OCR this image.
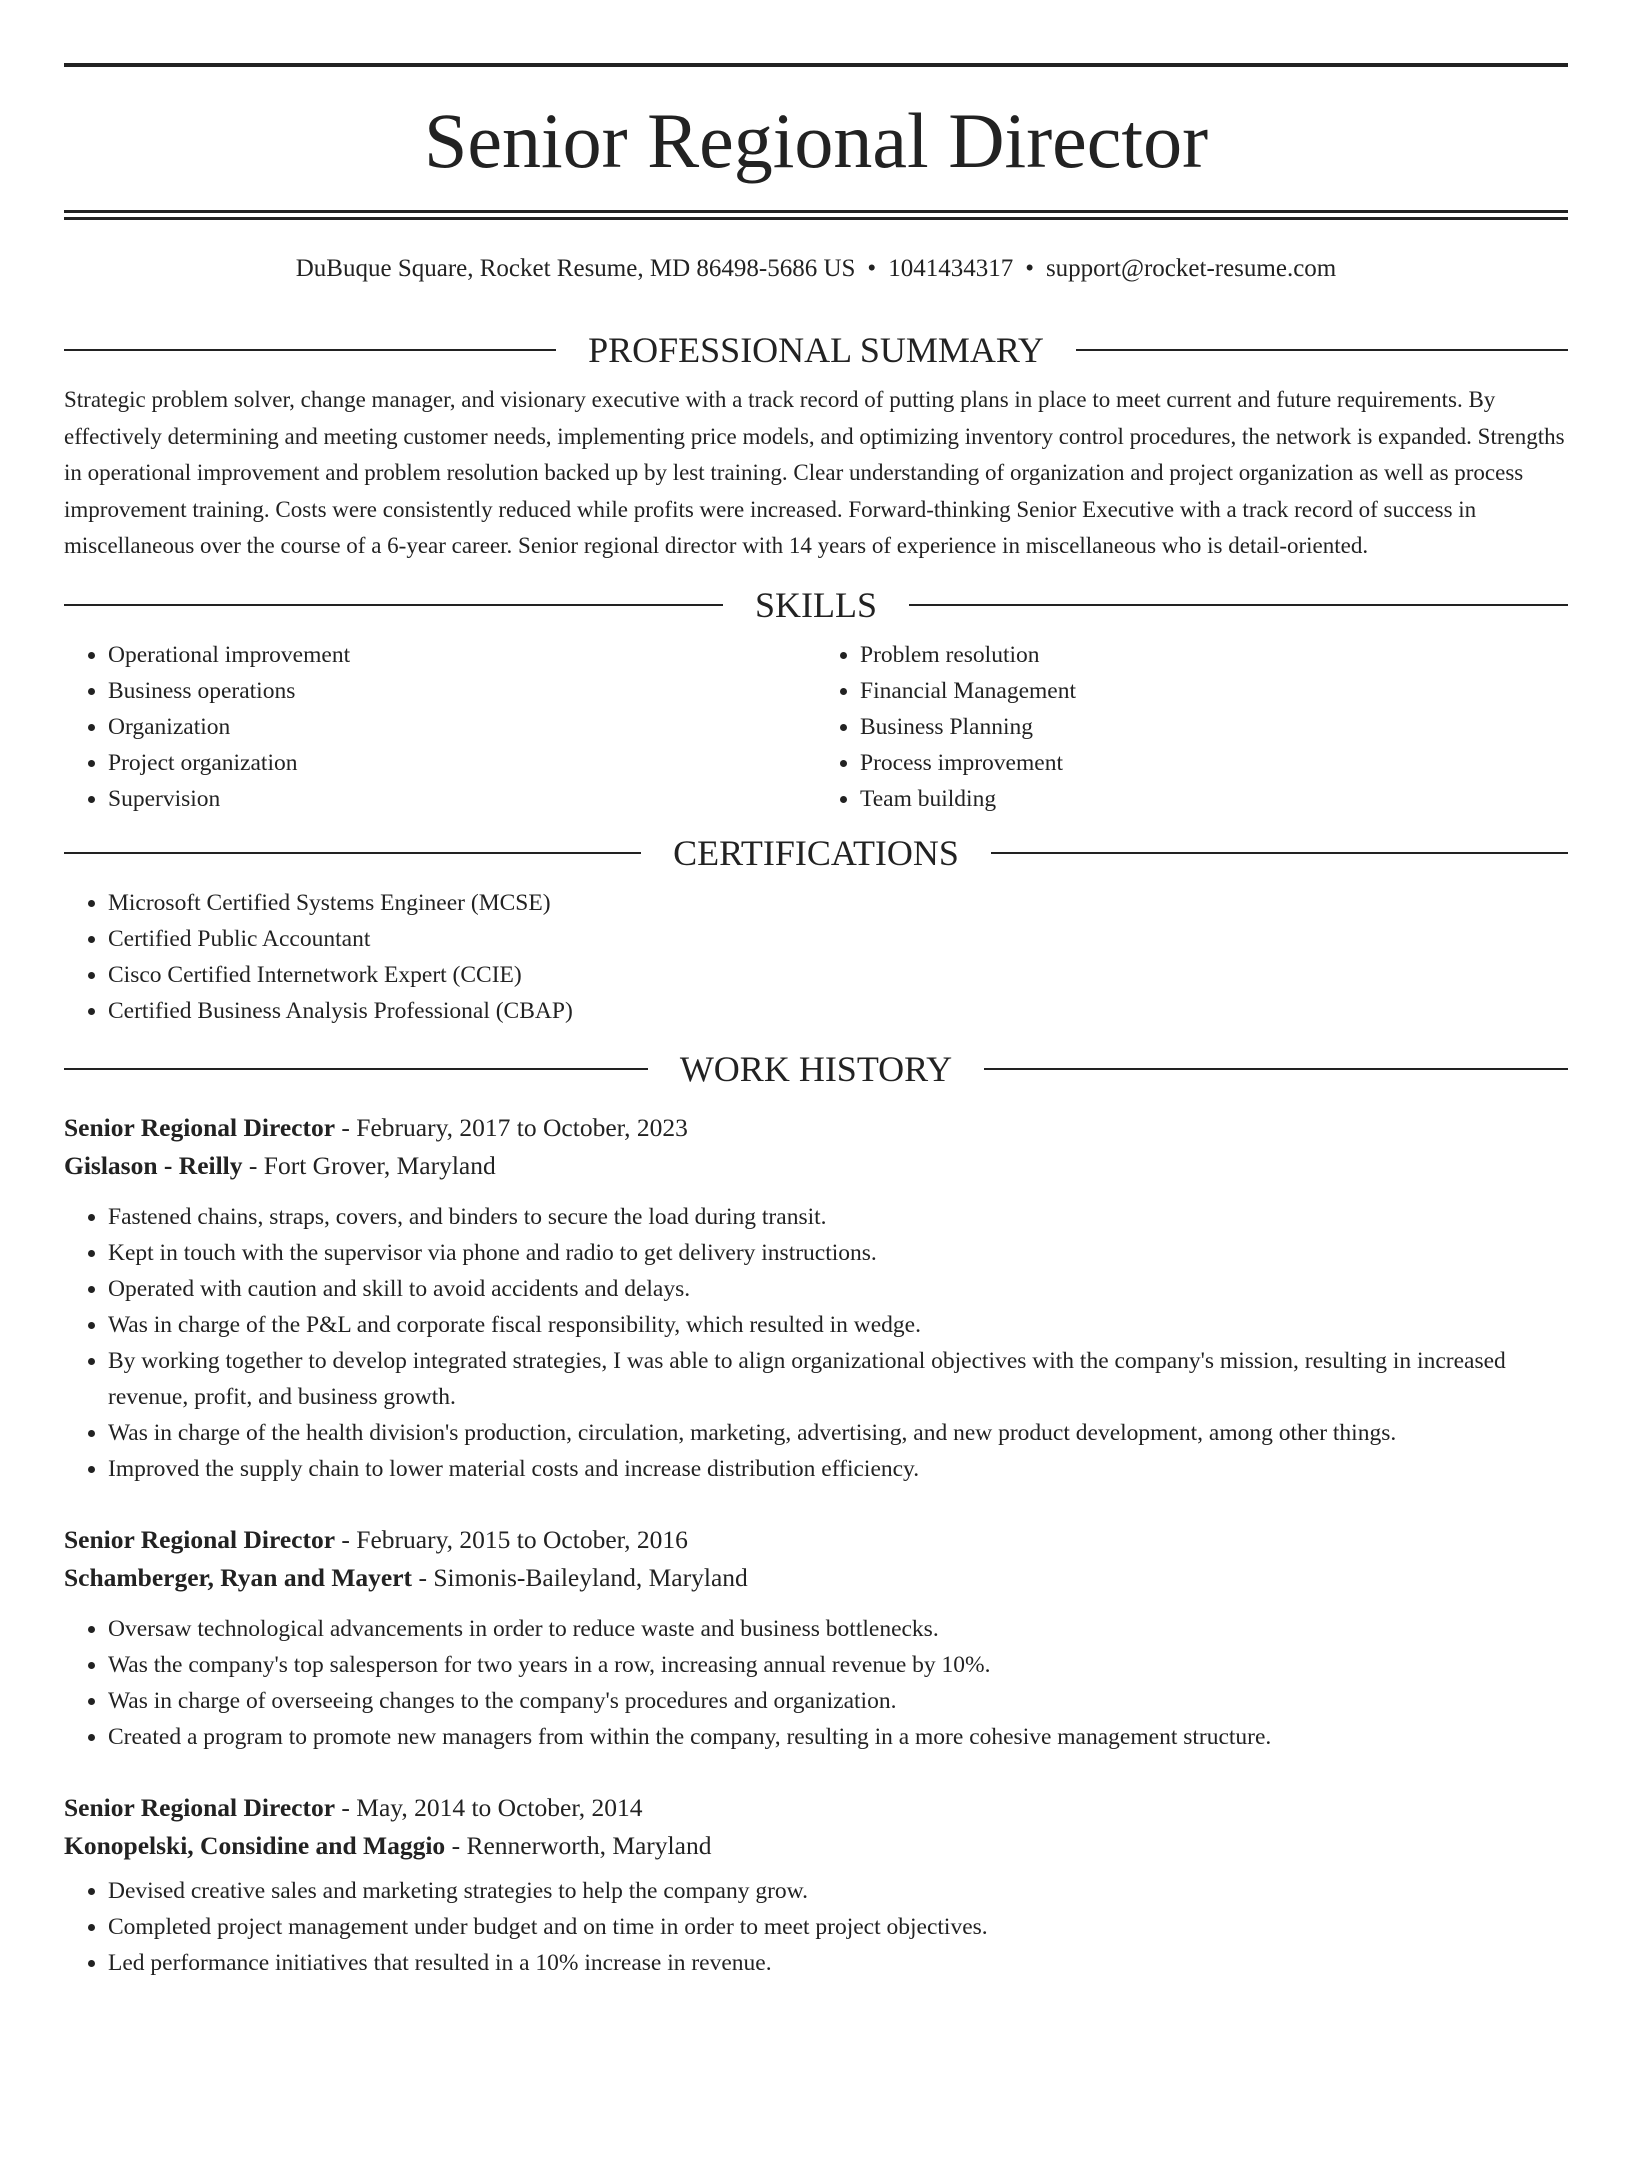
Senior Regional Director
DuBuque Square, Rocket Resume, MD 86498-5686 US • 1041434317 • support@rocket-resume.com
PROFESSIONAL SUMMARY

Strategic problem solver, change manager, and visionary executive with a track record of putting plans in place to meet current and future requirements. By effectively determining and meeting customer needs, implementing price models, and optimizing inventory control procedures, the network is expanded. Strengths in operational improvement and problem resolution backed up by lest training. Clear understanding of organization and project organization as well as process improvement training. Costs were consistently reduced while profits were increased. Forward-thinking Senior Executive with a track record of success in miscellaneous over the course of a 6-year career. Senior regional director with 14 years of experience in miscellaneous who is detail-oriented.

SKILLS
• Operational improvement
• Business operations
• Organization
• Project organization
• Supervision
• Problem resolution
• Financial Management
• Business Planning
• Process improvement
• Team building
CERTIFICATIONS
• Microsoft Certified Systems Engineer (MCSE)
• Certified Public Accountant
• Cisco Certified Internetwork Expert (CCIE)
• Certified Business Analysis Professional (CBAP)
WORK HISTORY
Senior Regional Director - February, 2017 to October, 2023
Gislason - Reilly - Fort Grover, Maryland
• Fastened chains, straps, covers, and binders to secure the load during transit.
• Kept in touch with the supervisor via phone and radio to get delivery instructions.
• Operated with caution and skill to avoid accidents and delays.
• Was in charge of the P&L and corporate fiscal responsibility, which resulted in wedge.
• By working together to develop integrated strategies, I was able to align organizational objectives with the company's mission, resulting in increased revenue, profit, and business growth.
• Was in charge of the health division's production, circulation, marketing, advertising, and new product development, among other things.
• Improved the supply chain to lower material costs and increase distribution efficiency.
Senior Regional Director - February, 2015 to October, 2016
Schamberger, Ryan and Mayert - Simonis-Baileyland, Maryland
• Oversaw technological advancements in order to reduce waste and business bottlenecks.
• Was the company's top salesperson for two years in a row, increasing annual revenue by 10%.
• Was in charge of overseeing changes to the company's procedures and organization.
• Created a program to promote new managers from within the company, resulting in a more cohesive management structure.
Senior Regional Director - May, 2014 to October, 2014
Konopelski, Considine and Maggio - Rennerworth, Maryland
• Devised creative sales and marketing strategies to help the company grow.
• Completed project management under budget and on time in order to meet project objectives.
• Led performance initiatives that resulted in a 10% increase in revenue.
